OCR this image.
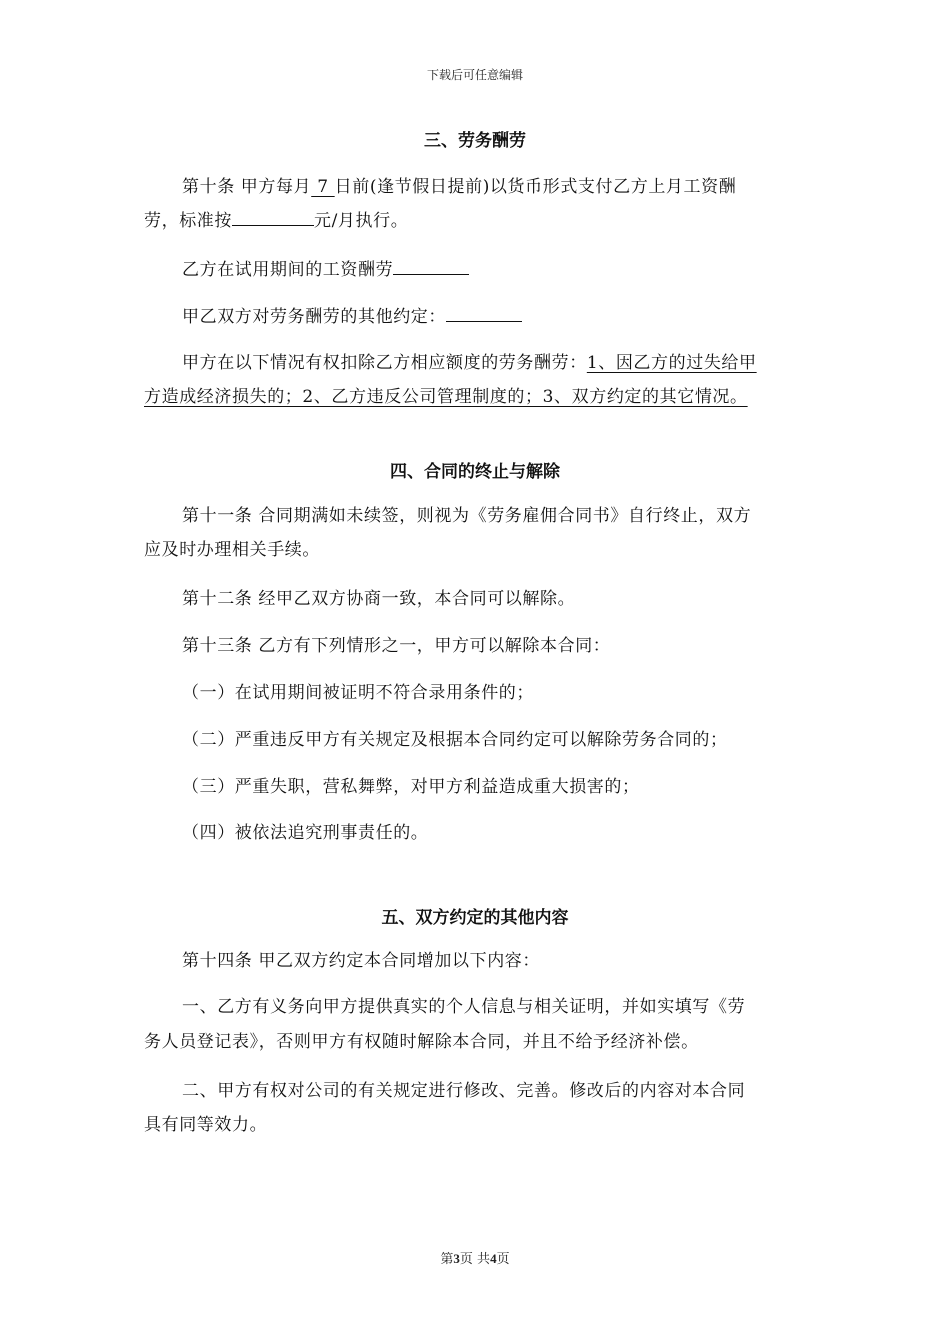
下载后可任意编辑
三、劳务酬劳
第十条 甲方每月 7 日前(逢节假日提前)以货币形式支付乙方上月工资酬
劳，标准按	元/月执行。
乙方在试用期间的工资酬劳
甲乙双方对劳务酬劳的其他约定：
甲方在以下情况有权扣除乙方相应额度的劳务酬劳：1、因乙方的过失给甲
方造成经济损失的；2、乙方违反公司管理制度的；3、双方约定的其它情况。
四、合同的终止与解除
第十一条 合同期满如未续签，则视为《劳务雇佣合同书》自行终止，双方
应及时办理相关手续。
第十二条 经甲乙双方协商一致，本合同可以解除。
第十三条 乙方有下列情形之一，甲方可以解除本合同：
（一）在试用期间被证明不符合录用条件的；
（二）严重违反甲方有关规定及根据本合同约定可以解除劳务合同的；
（三）严重失职，营私舞弊，对甲方利益造成重大损害的；
（四）被依法追究刑事责任的。
五、双方约定的其他内容
第十四条 甲乙双方约定本合同增加以下内容：
一、乙方有义务向甲方提供真实的个人信息与相关证明，并如实填写《劳
务人员登记表》，否则甲方有权随时解除本合同，并且不给予经济补偿。
二、甲方有权对公司的有关规定进行修改、完善。修改后的内容对本合同
具有同等效力。
第3页 共4页
